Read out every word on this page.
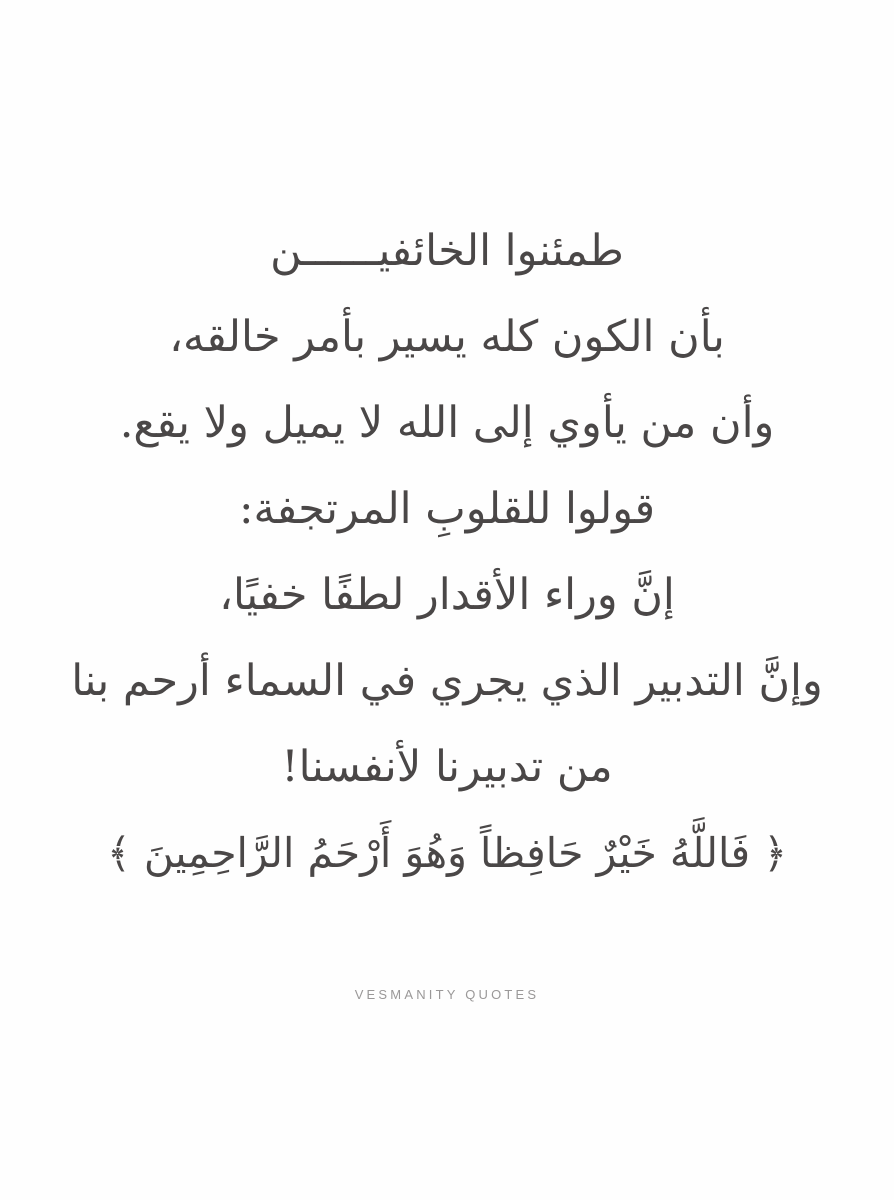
طمئنوا الخائفيــــــن
بأن الكون كله يسير بأمر خالقه،
وأن من يأوي إلى الله لا يميل ولا يقع.
قولوا للقلوبِ المرتجفة:
إنَّ وراء الأقدار لطفًا خفيًا،
وإنَّ التدبير الذي يجري في السماء أرحم بنا
من تدبيرنا لأنفسنا!
﴿ فَاللَّهُ خَيْرٌ حَافِظاً وَهُوَ أَرْحَمُ الرَّاحِمِينَ ﴾
VESMANITY QUOTES
